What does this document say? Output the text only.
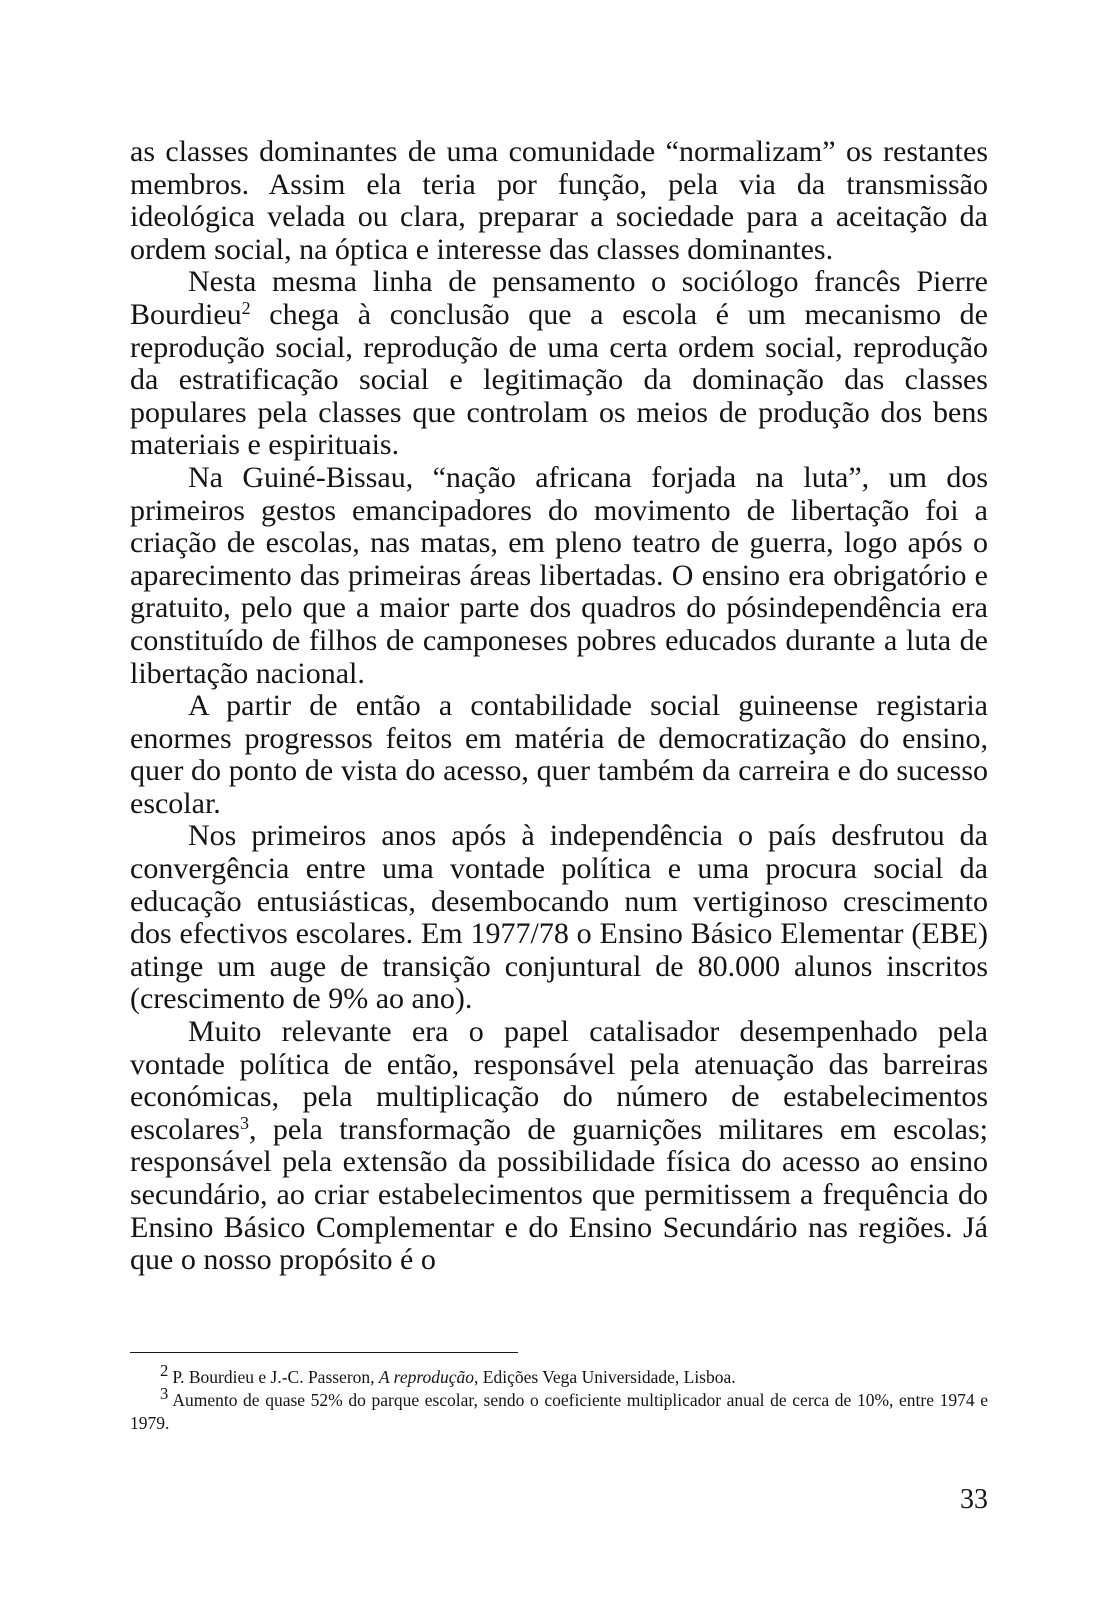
as classes dominantes de uma comunidade “normalizam” os restantes membros. Assim ela teria por função, pela via da transmissão ideológica velada ou clara, preparar a sociedade para a aceitação da ordem social, na óptica e interesse das classes dominantes.

Nesta mesma linha de pensamento o sociólogo francês Pierre Bourdieu$^2$ chega à conclusão que a escola é um mecanismo de reprodução social, reprodução de uma certa ordem social, reprodução da estratificação social e legitimação da dominação das classes populares pela classes que controlam os meios de produção dos bens materiais e espirituais.

Na Guiné-Bissau, “nação africana forjada na luta”, um dos primeiros gestos emancipadores do movimento de libertação foi a criação de escolas, nas matas, em pleno teatro de guerra, logo após o aparecimento das primeiras áreas libertadas. O ensino era obrigatório e gratuito, pelo que a maior parte dos quadros do pósindependência era constituído de filhos de camponeses pobres educados durante a luta de libertação nacional.

A partir de então a contabilidade social guineense registaria enormes progressos feitos em matéria de democratização do ensino, quer do ponto de vista do acesso, quer também da carreira e do sucesso escolar.

Nos primeiros anos após à independência o país desfrutou da convergência entre uma vontade política e uma procura social da educação entusiásticas, desembocando num vertiginoso crescimento dos efectivos escolares. Em 1977/78 o Ensino Básico Elementar (EBE) atinge um auge de transição conjuntural de 80.000 alunos inscritos (crescimento de 9% ao ano).

Muito relevante era o papel catalisador desempenhado pela vontade política de então, responsável pela atenuação das barreiras económicas, pela multiplicação do número de estabelecimentos escolares$^3$, pela transformação de guarnições militares em escolas; responsável pela extensão da possibilidade física do acesso ao ensino secundário, ao criar estabelecimentos que permitissem a frequência do Ensino Básico Complementar e do Ensino Secundário nas regiões. Já que o nosso propósito é o

$^2$ P. Bourdieu e J.-C. Passeron, A reprodução, Edições Vega Universidade, Lisboa.

$^3$ Aumento de quase 52% do parque escolar, sendo o coeficiente multiplicador anual de cerca de 10%, entre 1974 e 1979.

33
